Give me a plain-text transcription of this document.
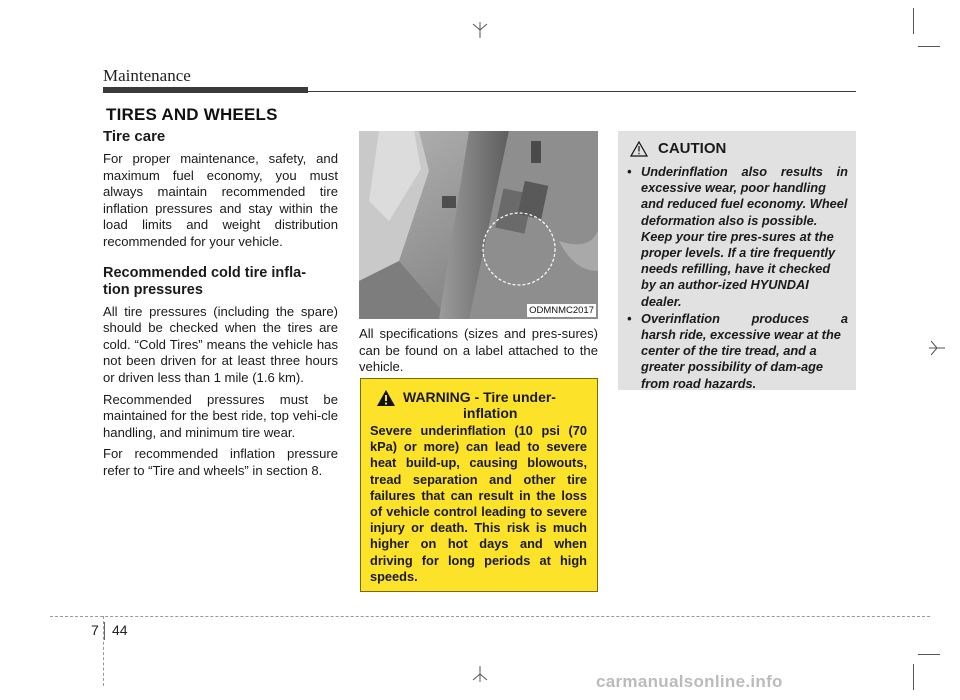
Maintenance
TIRES AND WHEELS
Tire care

For proper maintenance, safety, and maximum fuel economy, you must always maintain recommended tire inflation pressures and stay within the load limits and weight distribution recommended for your vehicle.

Recommended cold tire infla-
tion pressures

All tire pressures (including the spare) should be checked when the tires are cold. “Cold Tires” means the vehicle has not been driven for at least three hours or driven less than 1 mile (1.6 km).

Recommended pressures must be maintained for the best ride, top vehi-cle handling, and minimum tire wear.

For recommended inflation pressure refer to “Tire and wheels” in section 8.

ODMNMC2017

All specifications (sizes and pres-sures) can be found on a label attached to the vehicle.

WARNING - Tire under-
inflation

Severe underinflation (10 psi (70 kPa) or more) can lead to severe heat build-up, causing blowouts, tread separation and other tire failures that can result in the loss of vehicle control leading to severe injury or death. This risk is much higher on hot days and when driving for long periods at high speeds.

CAUTION
• Underinflation also results in
excessive wear, poor handling and reduced fuel economy. Wheel deformation also is possible. Keep your tire pres-sures at the proper levels. If a tire frequently needs refilling, have it checked by an author-ized HYUNDAI dealer.
• Overinflation produces a
harsh ride, excessive wear at the center of the tire tread, and a greater possibility of dam-age from road hazards.
7 44
carmanualsonline.info
